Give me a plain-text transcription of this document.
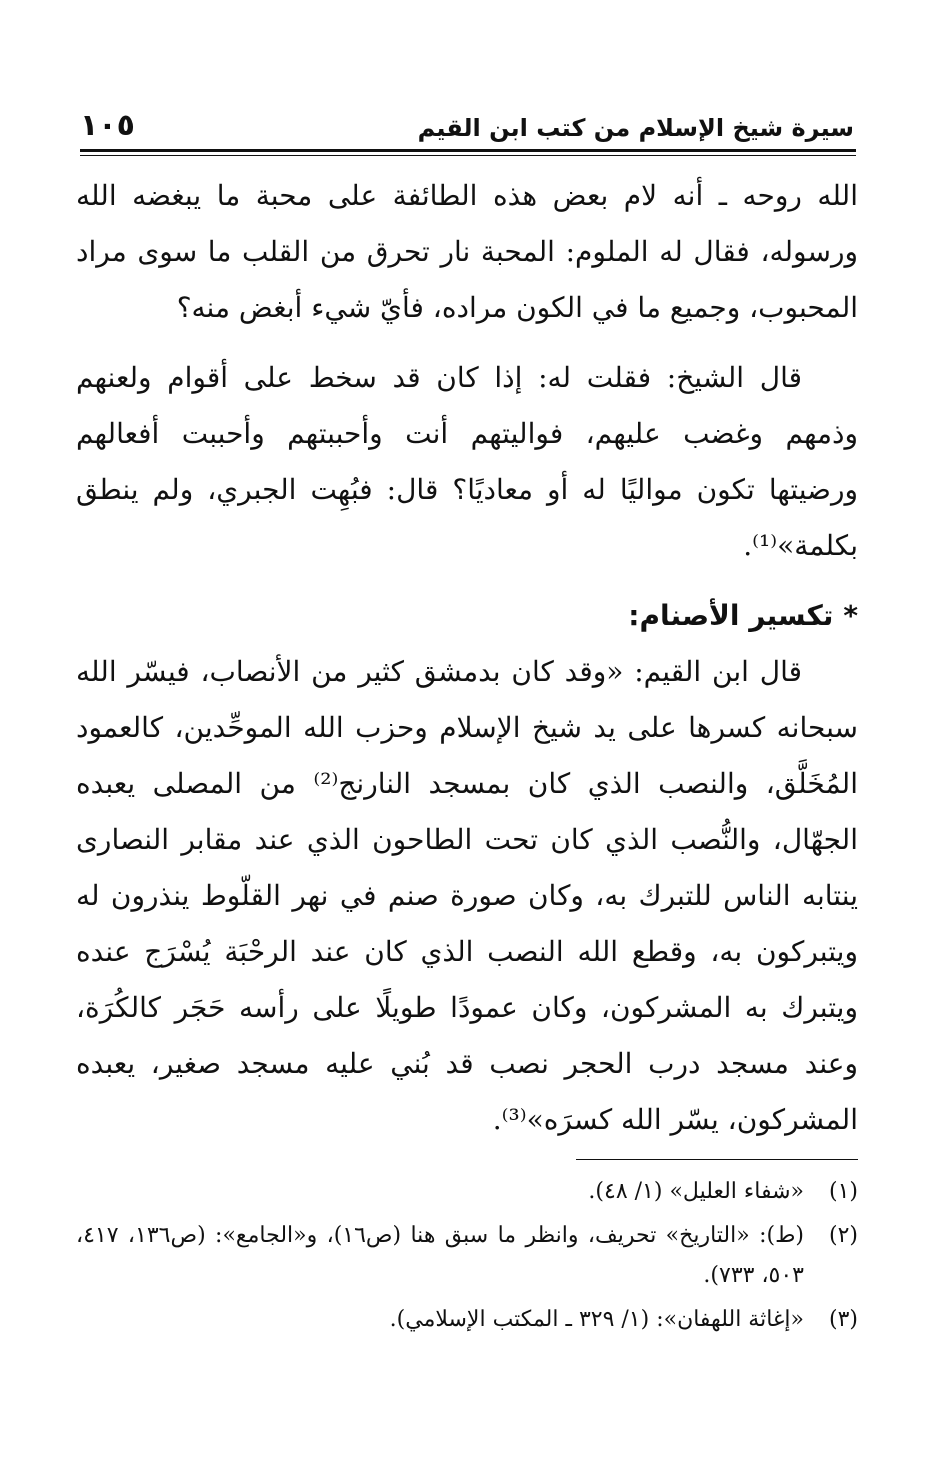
سيرة شيخ الإسلام من كتب ابن القيم
١٠٥

الله روحه ـ أنه لام بعض هذه الطائفة على محبة ما يبغضه الله ورسوله، فقال له الملوم: المحبة نار تحرق من القلب ما سوى مراد المحبوب، وجميع ما في الكون مراده، فأيّ شيء أبغض منه؟

قال الشيخ: فقلت له: إذا كان قد سخط على أقوام ولعنهم وذمهم وغضب عليهم، فواليتهم أنت وأحببتهم وأحببت أفعالهم ورضيتها تكون مواليًا له أو معاديًا؟ قال: فبُهِت الجبري، ولم ينطق بكلمة»⁽¹⁾.

*تكسير الأصنام:

قال ابن القيم: «وقد كان بدمشق كثير من الأنصاب، فيسّر الله سبحانه كسرها على يد شيخ الإسلام وحزب الله الموحِّدين، كالعمود المُخَلَّق، والنصب الذي كان بمسجد النارنج⁽²⁾ من المصلى يعبده الجهّال، والنُّصب الذي كان تحت الطاحون الذي عند مقابر النصارى ينتابه الناس للتبرك به، وكان صورة صنم في نهر القلّوط ينذرون له ويتبركون به، وقطع الله النصب الذي كان عند الرحْبَة يُسْرَج عنده ويتبرك به المشركون، وكان عمودًا طويلًا على رأسه حَجَر كالكُرَة، وعند مسجد درب الحجر نصب قد بُني عليه مسجد صغير، يعبده المشركون، يسّر الله كسرَه»⁽³⁾.

(١)
«شفاء العليل» (١/ ٤٨).
(٢)
(ط): «التاريخ» تحريف، وانظر ما سبق هنا (ص١٦)، و«الجامع»: (ص١٣٦، ٤١٧، ٥٠٣، ٧٣٣).
(٣)
«إغاثة اللهفان»: (١/ ٣٢٩ ـ المكتب الإسلامي).
